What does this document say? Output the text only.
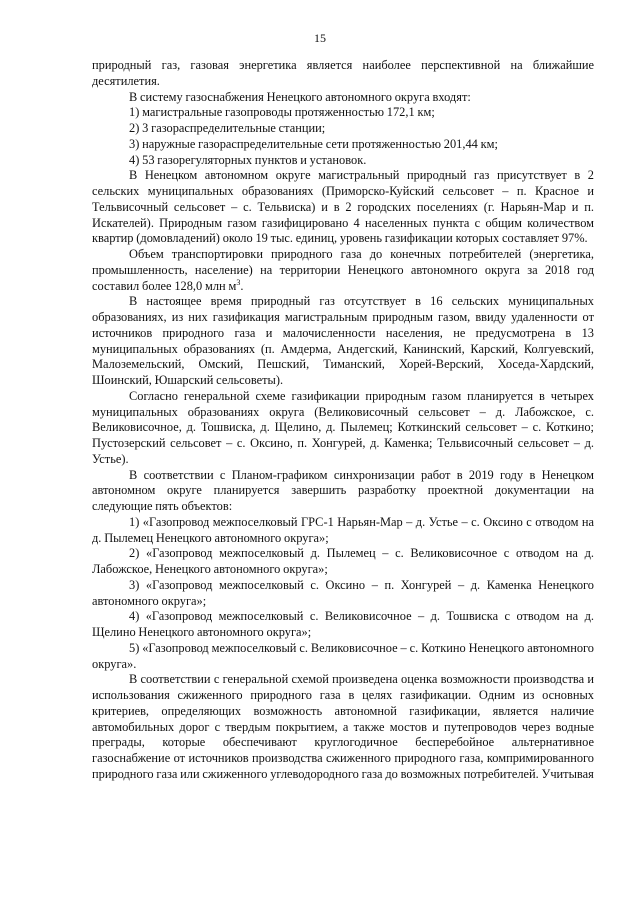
15

природный газ, газовая энергетика является наиболее перспективной на ближайшие десятилетия.

В систему газоснабжения Ненецкого автономного округа входят:

1) магистральные газопроводы протяженностью 172,1 км;

2) 3 газораспределительные станции;

3) наружные газораспределительные сети протяженностью 201,44 км;

4) 53 газорегуляторных пунктов и установок.

В Ненецком автономном округе магистральный природный газ присутствует в 2 сельских муниципальных образованиях (Приморско-Куйский сельсовет – п. Красное и Тельвисочный сельсовет – с. Тельвиска) и в 2 городских поселениях (г. Нарьян-Мар и п. Искателей). Природным газом газифицировано 4 населенных пункта с общим количеством квартир (домовладений) около 19 тыс. единиц, уровень газификации которых составляет 97%.

Объем транспортировки природного газа до конечных потребителей (энергетика, промышленность, население) на территории Ненецкого автономного округа за 2018 год составил более 128,0 млн $м^3$.

В настоящее время природный газ отсутствует в 16 сельских муниципальных образованиях, из них газификация магистральным природным газом, ввиду удаленности от источников природного газа и малочисленности населения, не предусмотрена в 13 муниципальных образованиях (п. Амдерма, Андегский, Канинский, Карский, Колгуевский, Малоземельский, Омский, Пешский, Тиманский, Хорей-Верский, Хоседа-Хардский, Шоинский, Юшарский сельсоветы).

Согласно генеральной схеме газификации природным газом планируется в четырех муниципальных образованиях округа (Великовисочный сельсовет – д. Лабожское, с. Великовисочное, д. Тошвиска, д. Щелино, д. Пылемец; Коткинский сельсовет – с. Коткино; Пустозерский сельсовет – с. Оксино, п. Хонгурей, д. Каменка; Тельвисочный сельсовет – д. Устье).

В соответствии с Планом-графиком синхронизации работ в 2019 году в Ненецком автономном округе планируется завершить разработку проектной документации на следующие пять объектов:

1) «Газопровод межпоселковый ГРС-1 Нарьян-Мар – д. Устье – с. Оксино с отводом на д. Пылемец Ненецкого автономного округа»;

2) «Газопровод межпоселковый д. Пылемец – с. Великовисочное с отводом на д. Лабожское, Ненецкого автономного округа»;

3) «Газопровод межпоселковый с. Оксино – п. Хонгурей – д. Каменка Ненецкого автономного округа»;

4) «Газопровод межпоселковый с. Великовисочное – д. Тошвиска с отводом на д. Щелино Ненецкого автономного округа»;

5) «Газопровод межпоселковый с. Великовисочное – с. Коткино Ненецкого автономного округа».

В соответствии с генеральной схемой произведена оценка возможности производства и использования сжиженного природного газа в целях газификации. Одним из основных критериев, определяющих возможность автономной газификации, является наличие автомобильных дорог с твердым покрытием, а также мостов и путепроводов через водные преграды, которые обеспечивают круглогодичное бесперебойное альтернативное газоснабжение от источников производства сжиженного природного газа, компримированного природного газа или сжиженного углеводородного газа до возможных потребителей. Учитывая
